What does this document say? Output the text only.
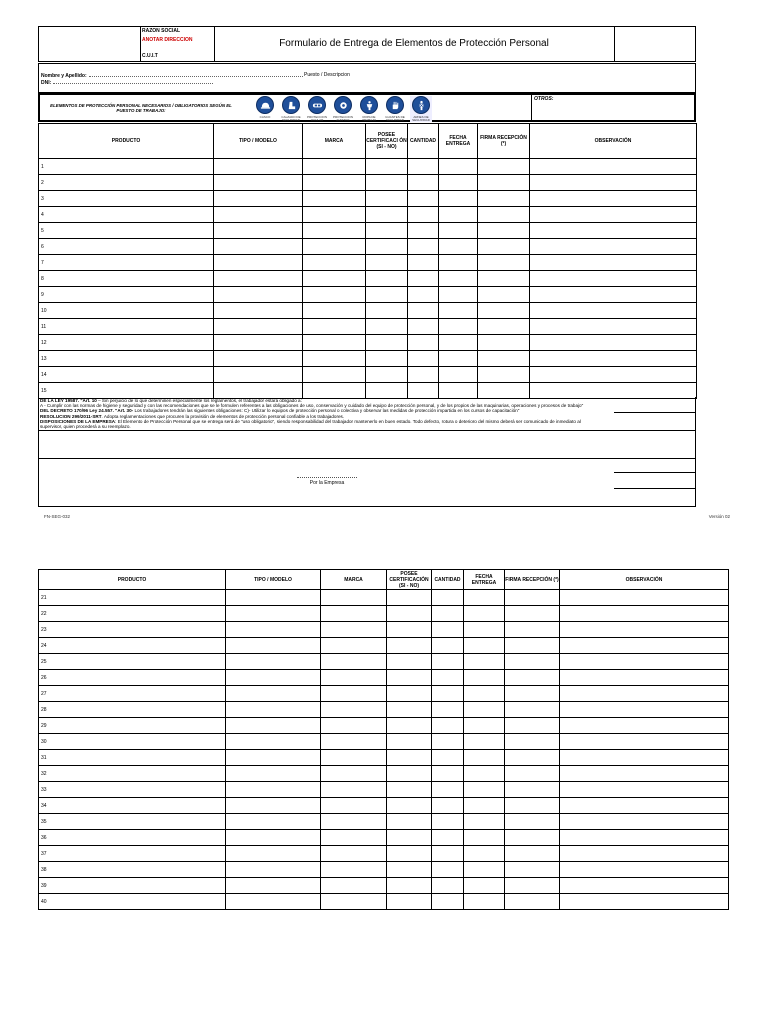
RAZON SOCIAL
ANOTAR DIRECCION
C.U.I.T
Formulario de Entrega de Elementos de Protección Personal
Nombre y Apellido:
DNI:
Puesto / Descripcion
ELEMENTOS DE PROTECCIÓN PERSONAL NECESARIOS / OBLIGATORIOS SEGÚN EL PUESTO DE TRABAJO:
CASCO	CALZADO DE SEGURIDAD
PROTECCION OCULAR
PROTECCION AUDITIVA
ROPA DE TRABAJO
GUANTES DE SEGURIDAD
ARNES DE SEGURIDAD
OTROS:
PRODUCTO	TIPO / MODELO	MARCA	POSEE CERTIFICACI ÓN (SI - NO)	CANTIDAD	FECHA ENTREGA	FIRMA RECEPCIÓN (*)	OBSERVACIÓN
1							
2							
3							
4							
5							
6							
7							
8							
9							
10							
11							
12							
13							
14							
15							
DE LA LEY 19587. "Art. 10 – Sin perjuicio de lo que determinen especialmente los reglamentos, el trabajador estará obligado a:
A - Cumplir con las normas de higiene y seguridad y con las recomendaciones que se le formulen referentes a las obligaciones de uso, conservación y cuidado del equipo de protección personal, y de los propios de las maquinarias, operaciones y procesos de trabajo"
DEL DECRETO 170/96 Ley 24.557. "Art. 30- Los trabajadores tendrán las siguientes obligaciones: C)- Utilizar lo equipos de protección personal o colectiva y observar las medidas de protección impartida en los cursos de capacitación"
RESOLUCION 299/2011-SRT. Adopta reglamentaciones que procuren la provisión de elementos de protección personal confiable a los trabajadores.
DISPOSICIONES DE LA EMPRESA: El Elemento de Protección Personal que se entrega será de "uso obligatorio", siendo responsabilidad del trabajador mantenerlo en buen estado. Todo defecto, rotura o deterioro del mismo deberá ser comunicado de inmediato al supervisor, quien procederá a su reemplazo.
Por la Empresa
FN-SEG-032	Versión 02
PRODUCTO	TIPO / MODELO	MARCA	POSEE CERTIFICACIÓN (SI - NO)	CANTIDAD	FECHA ENTREGA	FIRMA RECEPCIÓN (*)	OBSERVACIÓN
21							
22							
23							
24							
25							
26							
27							
28							
29							
30							
31							
32							
33							
34							
35							
36							
37							
38							
39							
40							
